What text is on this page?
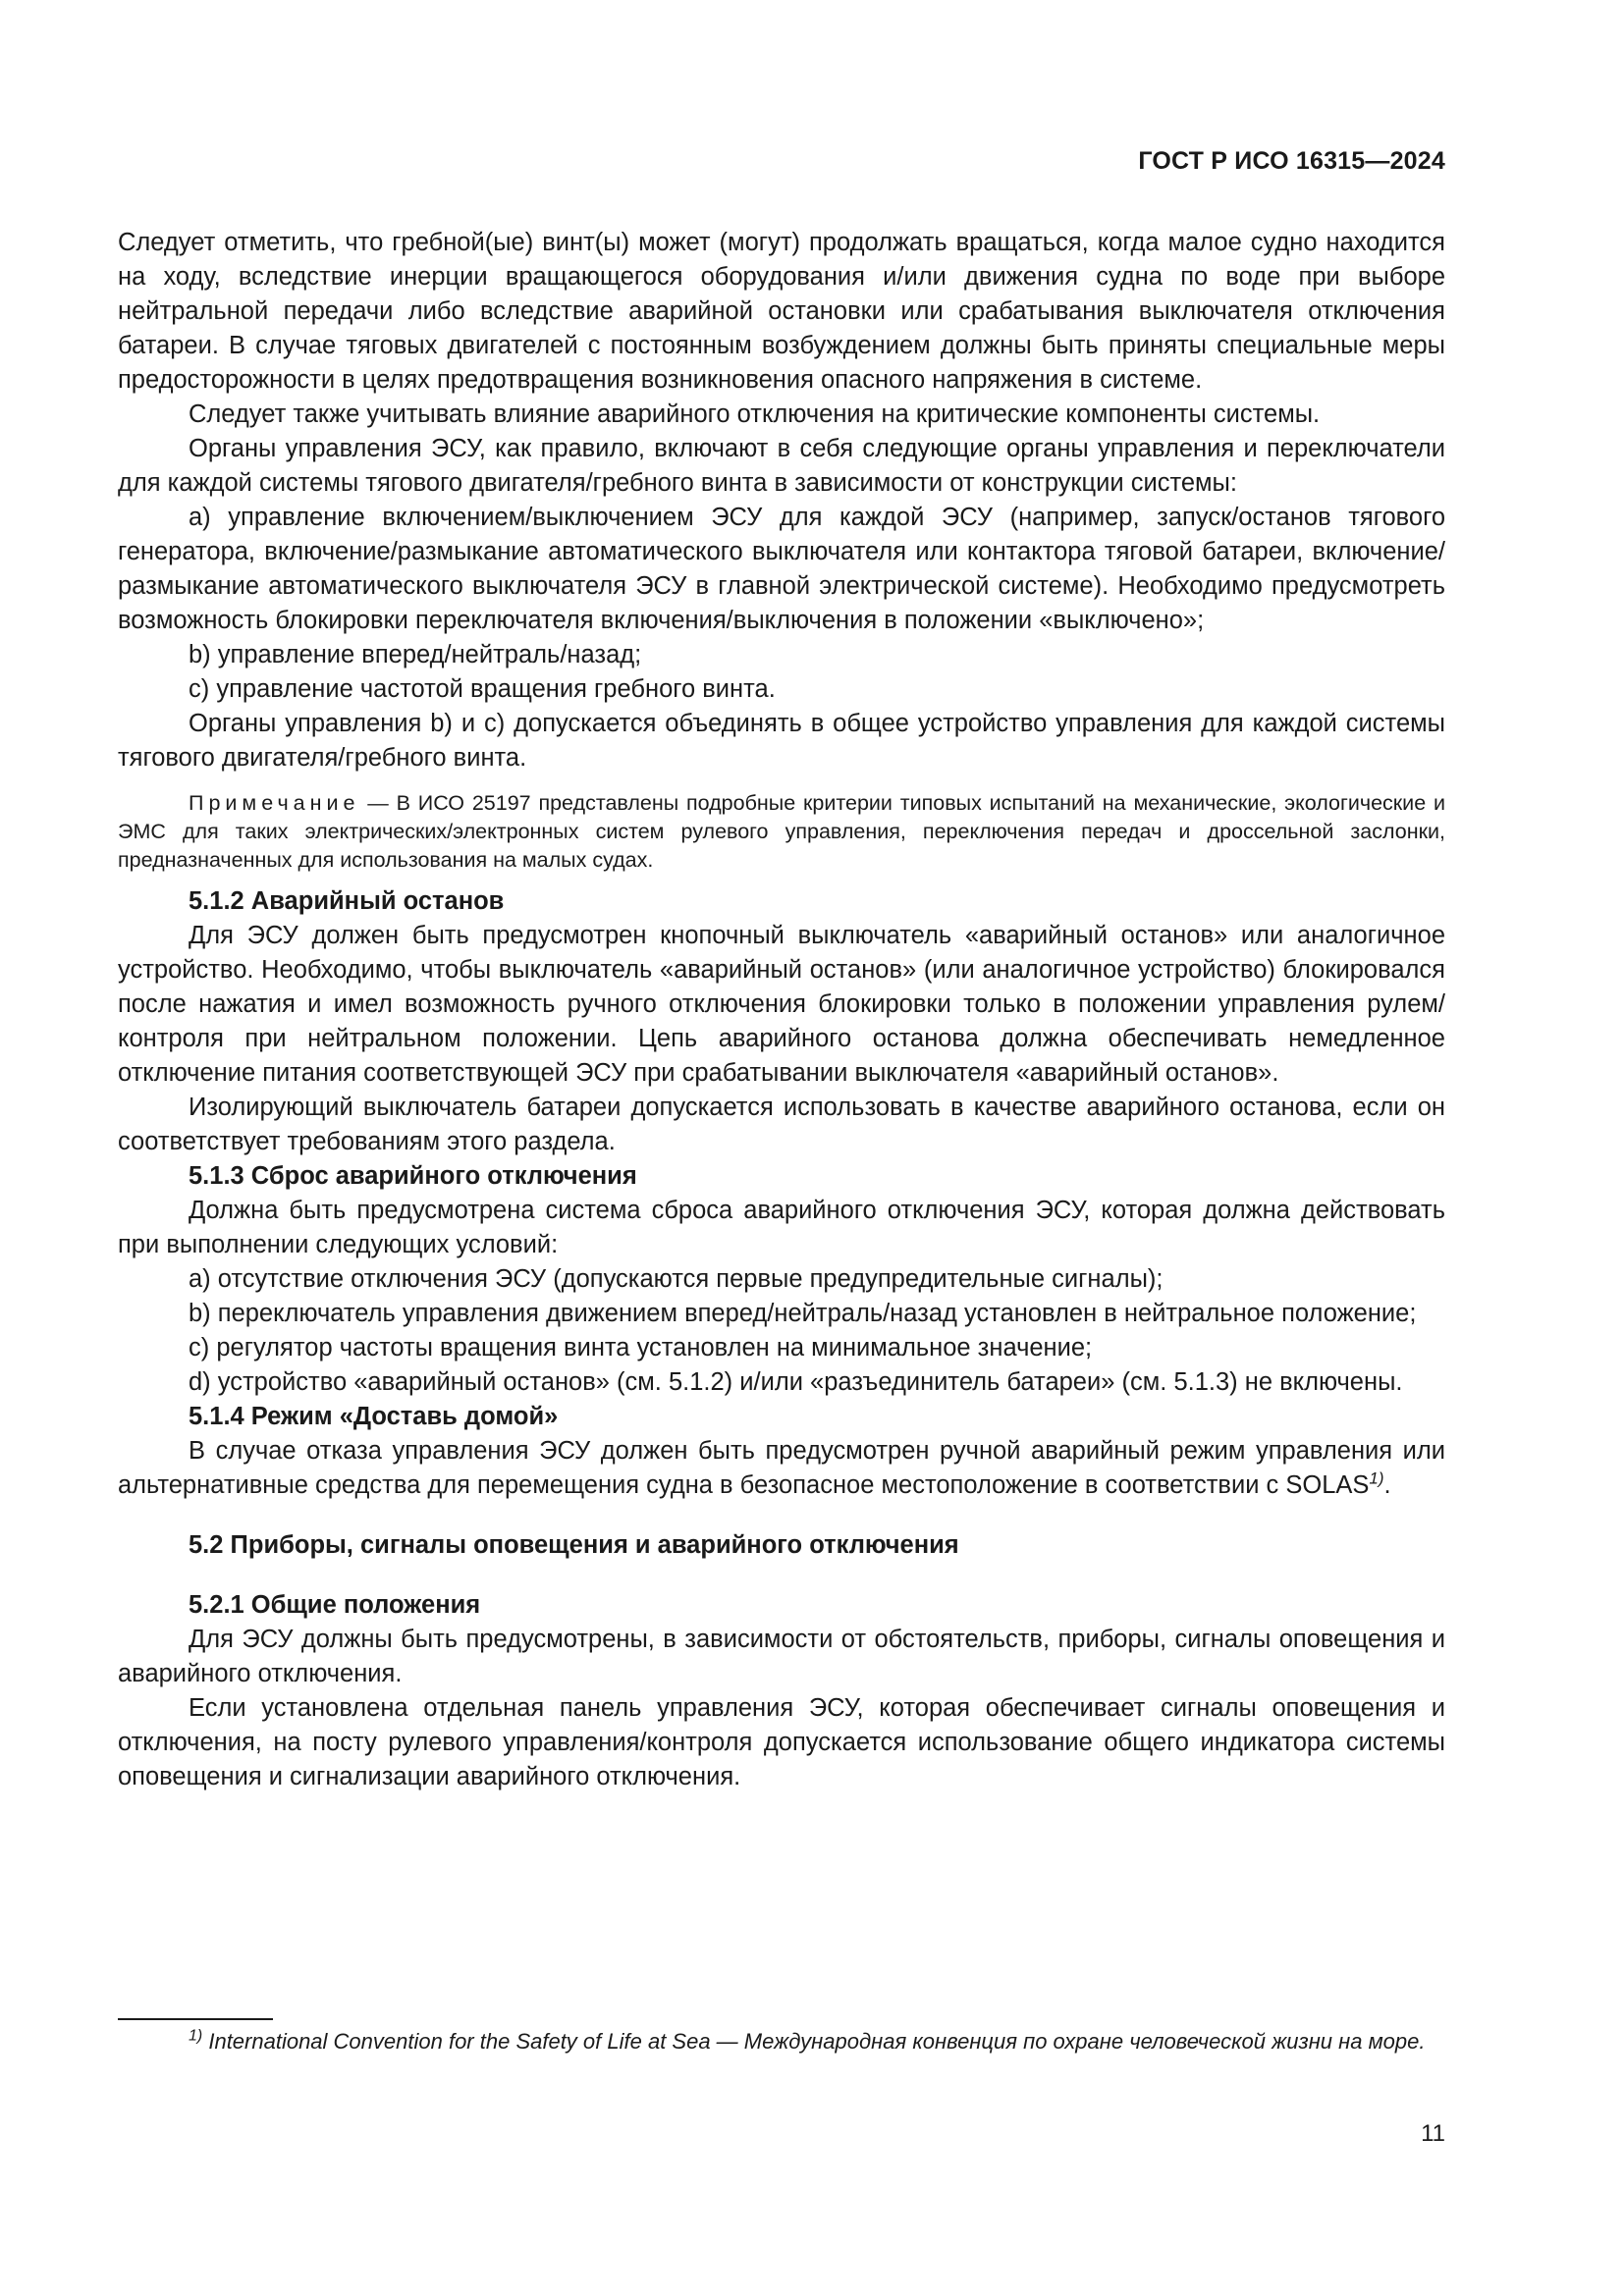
ГОСТ Р ИСО 16315—2024

Следует отметить, что гребной(ые) винт(ы) может (могут) продолжать вращаться, когда малое судно находится на ходу, вследствие инерции вращающегося оборудования и/или движения судна по воде при выборе нейтральной передачи либо вследствие аварийной остановки или срабатывания выключателя отключения батареи. В случае тяговых двигателей с постоянным возбуждением должны быть приняты специальные меры предосторожности в целях предотвращения возникновения опасного напряжения в системе.

Следует также учитывать влияние аварийного отключения на критические компоненты системы.

Органы управления ЭСУ, как правило, включают в себя следующие органы управления и переключатели для каждой системы тягового двигателя/гребного винта в зависимости от конструкции системы:

а) управление включением/выключением ЭСУ для каждой ЭСУ (например, запуск/останов тягового генератора, включение/размыкание автоматического выключателя или контактора тяговой батареи, включение/размыкание автоматического выключателя ЭСУ в главной электрической системе). Необходимо предусмотреть возможность блокировки переключателя включения/выключения в положении «выключено»;

b) управление вперед/нейтраль/назад;

c) управление частотой вращения гребного винта.

Органы управления b) и с) допускается объединять в общее устройство управления для каждой системы тягового двигателя/гребного винта.

Примечание — В ИСО 25197 представлены подробные критерии типовых испытаний на механические, экологические и ЭМС для таких электрических/электронных систем рулевого управления, переключения передач и дроссельной заслонки, предназначенных для использования на малых судах.

5.1.2 Аварийный останов

Для ЭСУ должен быть предусмотрен кнопочный выключатель «аварийный останов» или аналогичное устройство. Необходимо, чтобы выключатель «аварийный останов» (или аналогичное устройство) блокировался после нажатия и имел возможность ручного отключения блокировки только в положении управления рулем/контроля при нейтральном положении. Цепь аварийного останова должна обеспечивать немедленное отключение питания соответствующей ЭСУ при срабатывании выключателя «аварийный останов».

Изолирующий выключатель батареи допускается использовать в качестве аварийного останова, если он соответствует требованиям этого раздела.

5.1.3 Сброс аварийного отключения

Должна быть предусмотрена система сброса аварийного отключения ЭСУ, которая должна действовать при выполнении следующих условий:

а) отсутствие отключения ЭСУ (допускаются первые предупредительные сигналы);

b) переключатель управления движением вперед/нейтраль/назад установлен в нейтральное положение;

c) регулятор частоты вращения винта установлен на минимальное значение;

d) устройство «аварийный останов» (см. 5.1.2) и/или «разъединитель батареи» (см. 5.1.3) не включены.

5.1.4 Режим «Доставь домой»

В случае отказа управления ЭСУ должен быть предусмотрен ручной аварийный режим управления или альтернативные средства для перемещения судна в безопасное местоположение в соответствии с SOLAS$^{1)}$.

5.2 Приборы, сигналы оповещения и аварийного отключения

5.2.1 Общие положения

Для ЭСУ должны быть предусмотрены, в зависимости от обстоятельств, приборы, сигналы оповещения и аварийного отключения.

Если установлена отдельная панель управления ЭСУ, которая обеспечивает сигналы оповещения и отключения, на посту рулевого управления/контроля допускается использование общего индикатора системы оповещения и сигнализации аварийного отключения.

$^{1)}$ International Convention for the Safety of Life at Sea — Международная конвенция по охране человеческой жизни на море.
11
